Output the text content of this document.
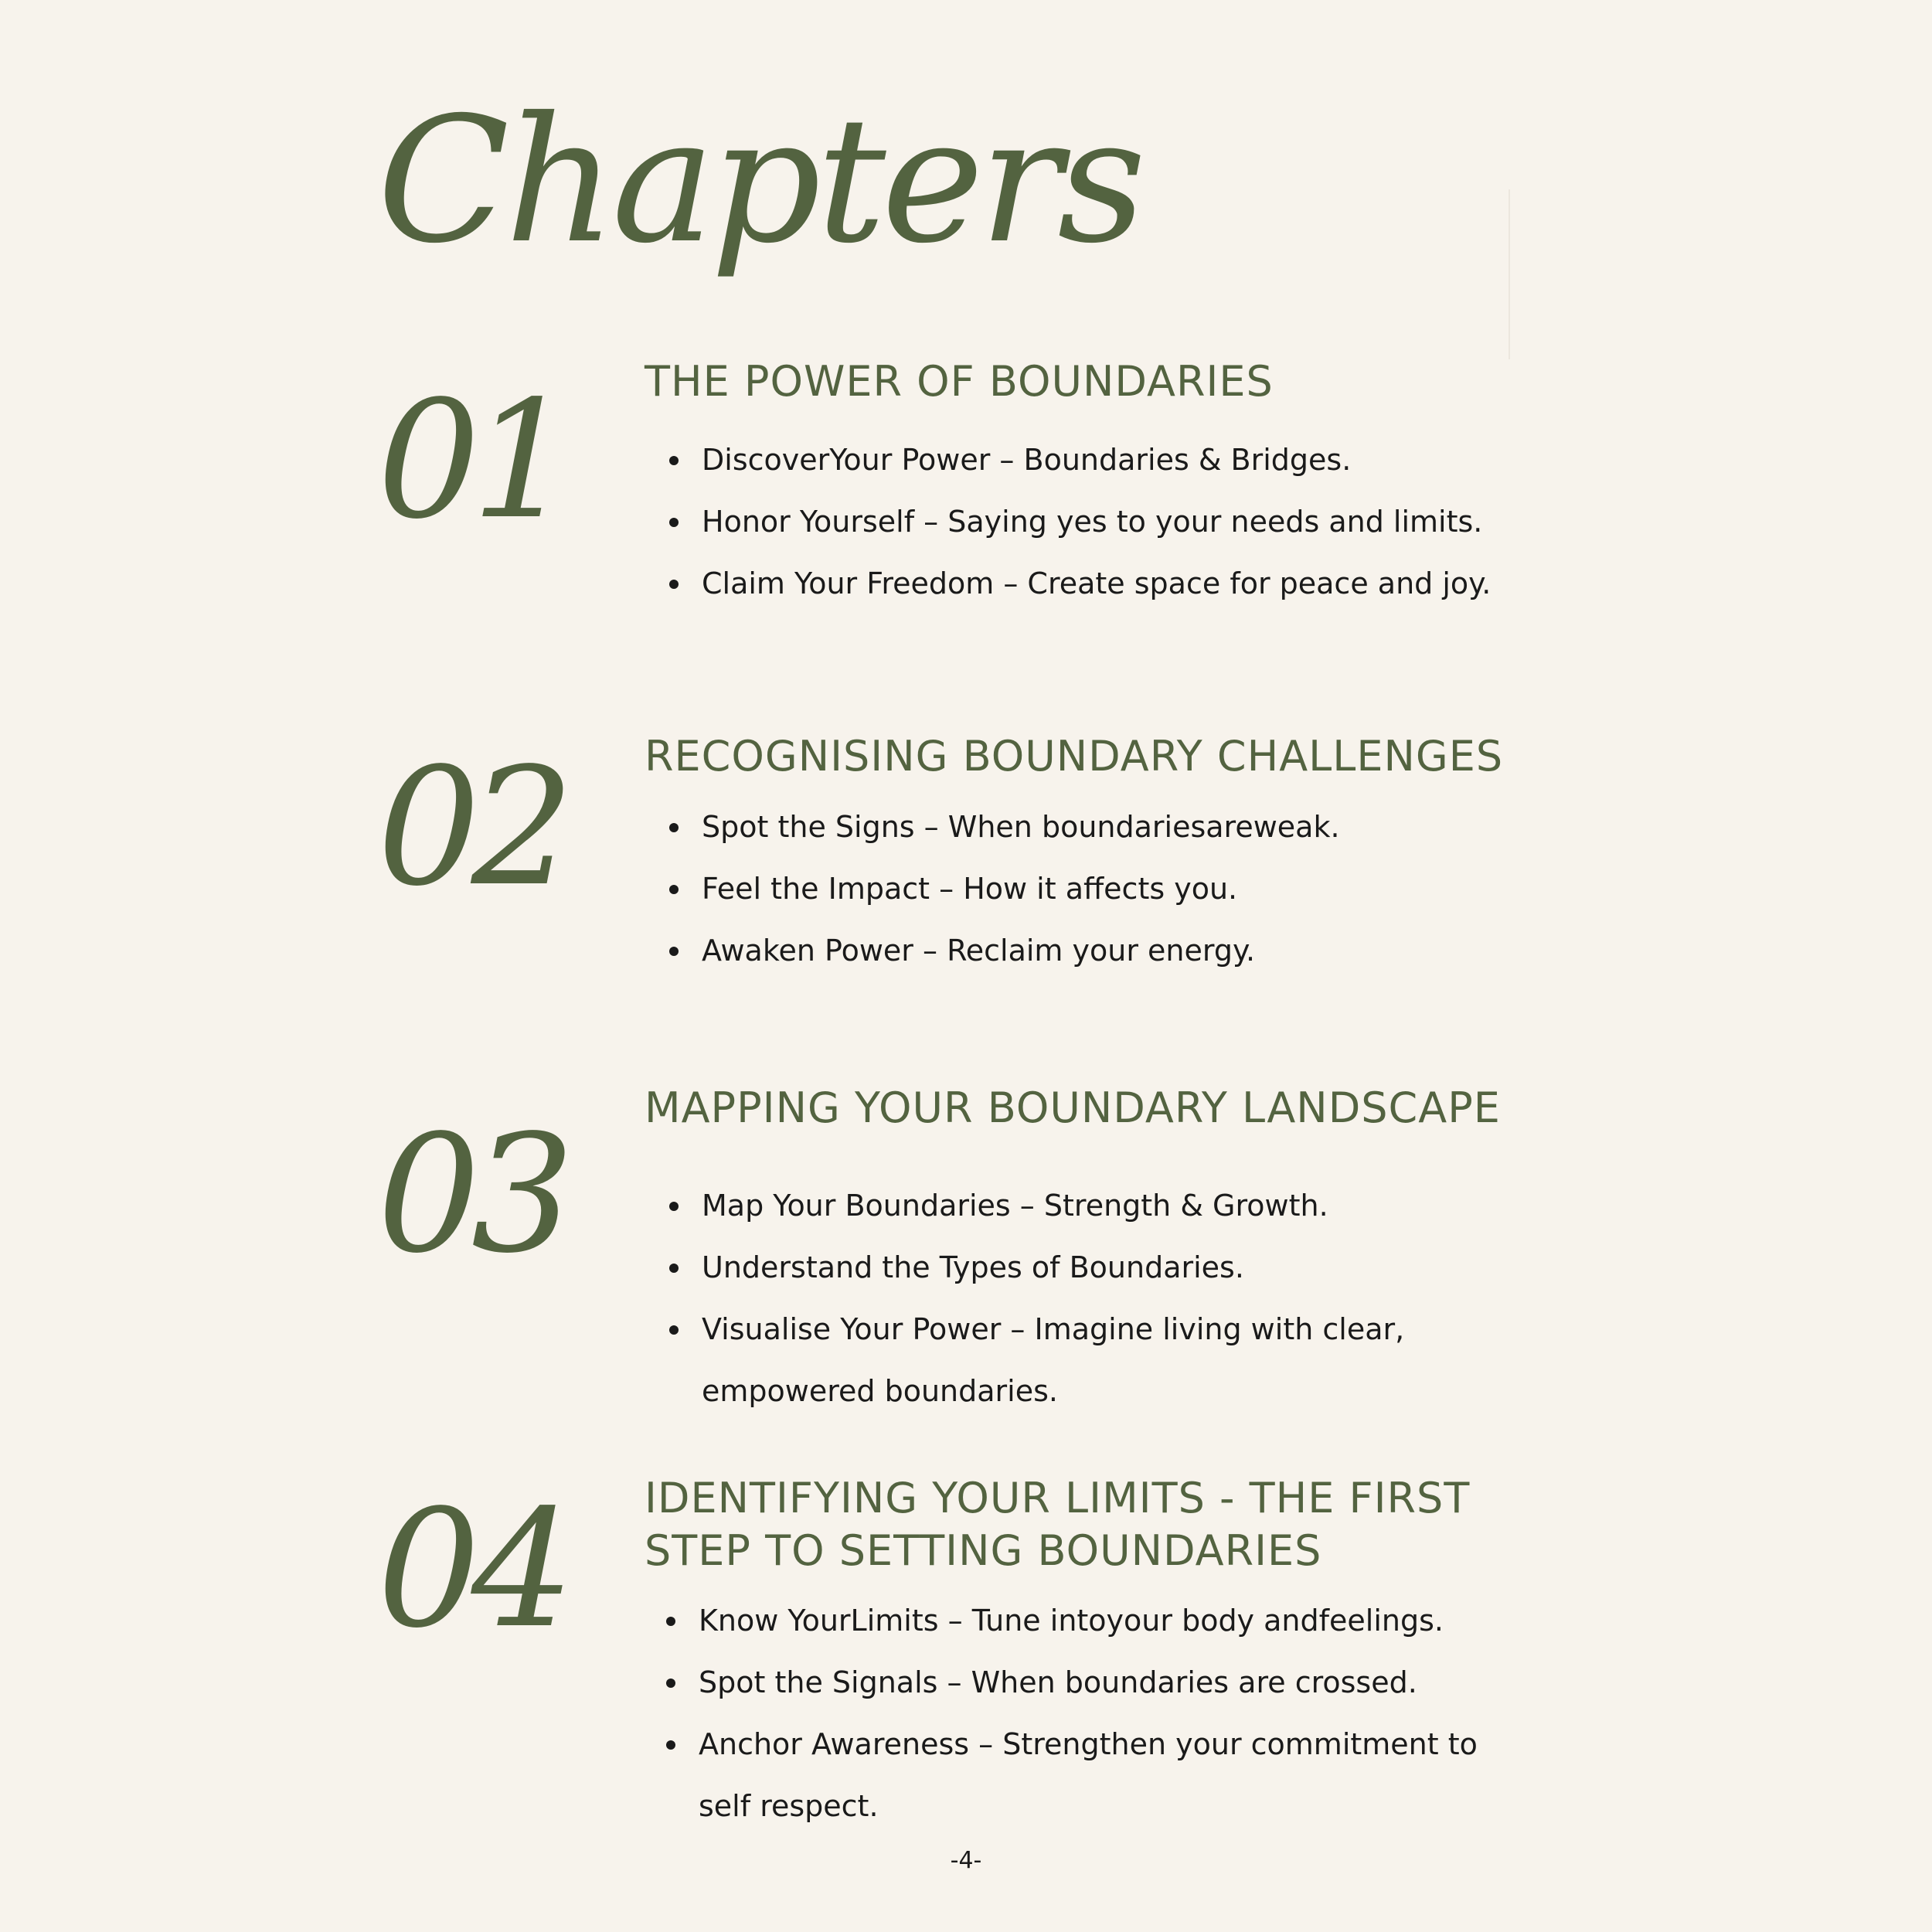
Chapters
01 THE POWER OF BOUNDARIES
DiscoverYour Power – Boundaries & Bridges.
Honor Yourself – Saying yes to your needs and limits.
Claim Your Freedom – Create space for peace and joy.
02 RECOGNISING BOUNDARY CHALLENGES
Spot the Signs – When boundariesareweak.
Feel the Impact – How it affects you.
Awaken Power – Reclaim your energy.
03 MAPPING YOUR BOUNDARY LANDSCAPE
Map Your Boundaries – Strength & Growth.
Understand the Types of Boundaries.
Visualise Your Power – Imagine living with clear, empowered boundaries.
04 IDENTIFYING YOUR LIMITS - THE FIRST STEP TO SETTING BOUNDARIES
Know YourLimits – Tune intoyour body andfeelings.
Spot the Signals – When boundaries are crossed.
Anchor Awareness – Strengthen your commitment to self respect.

-4-
